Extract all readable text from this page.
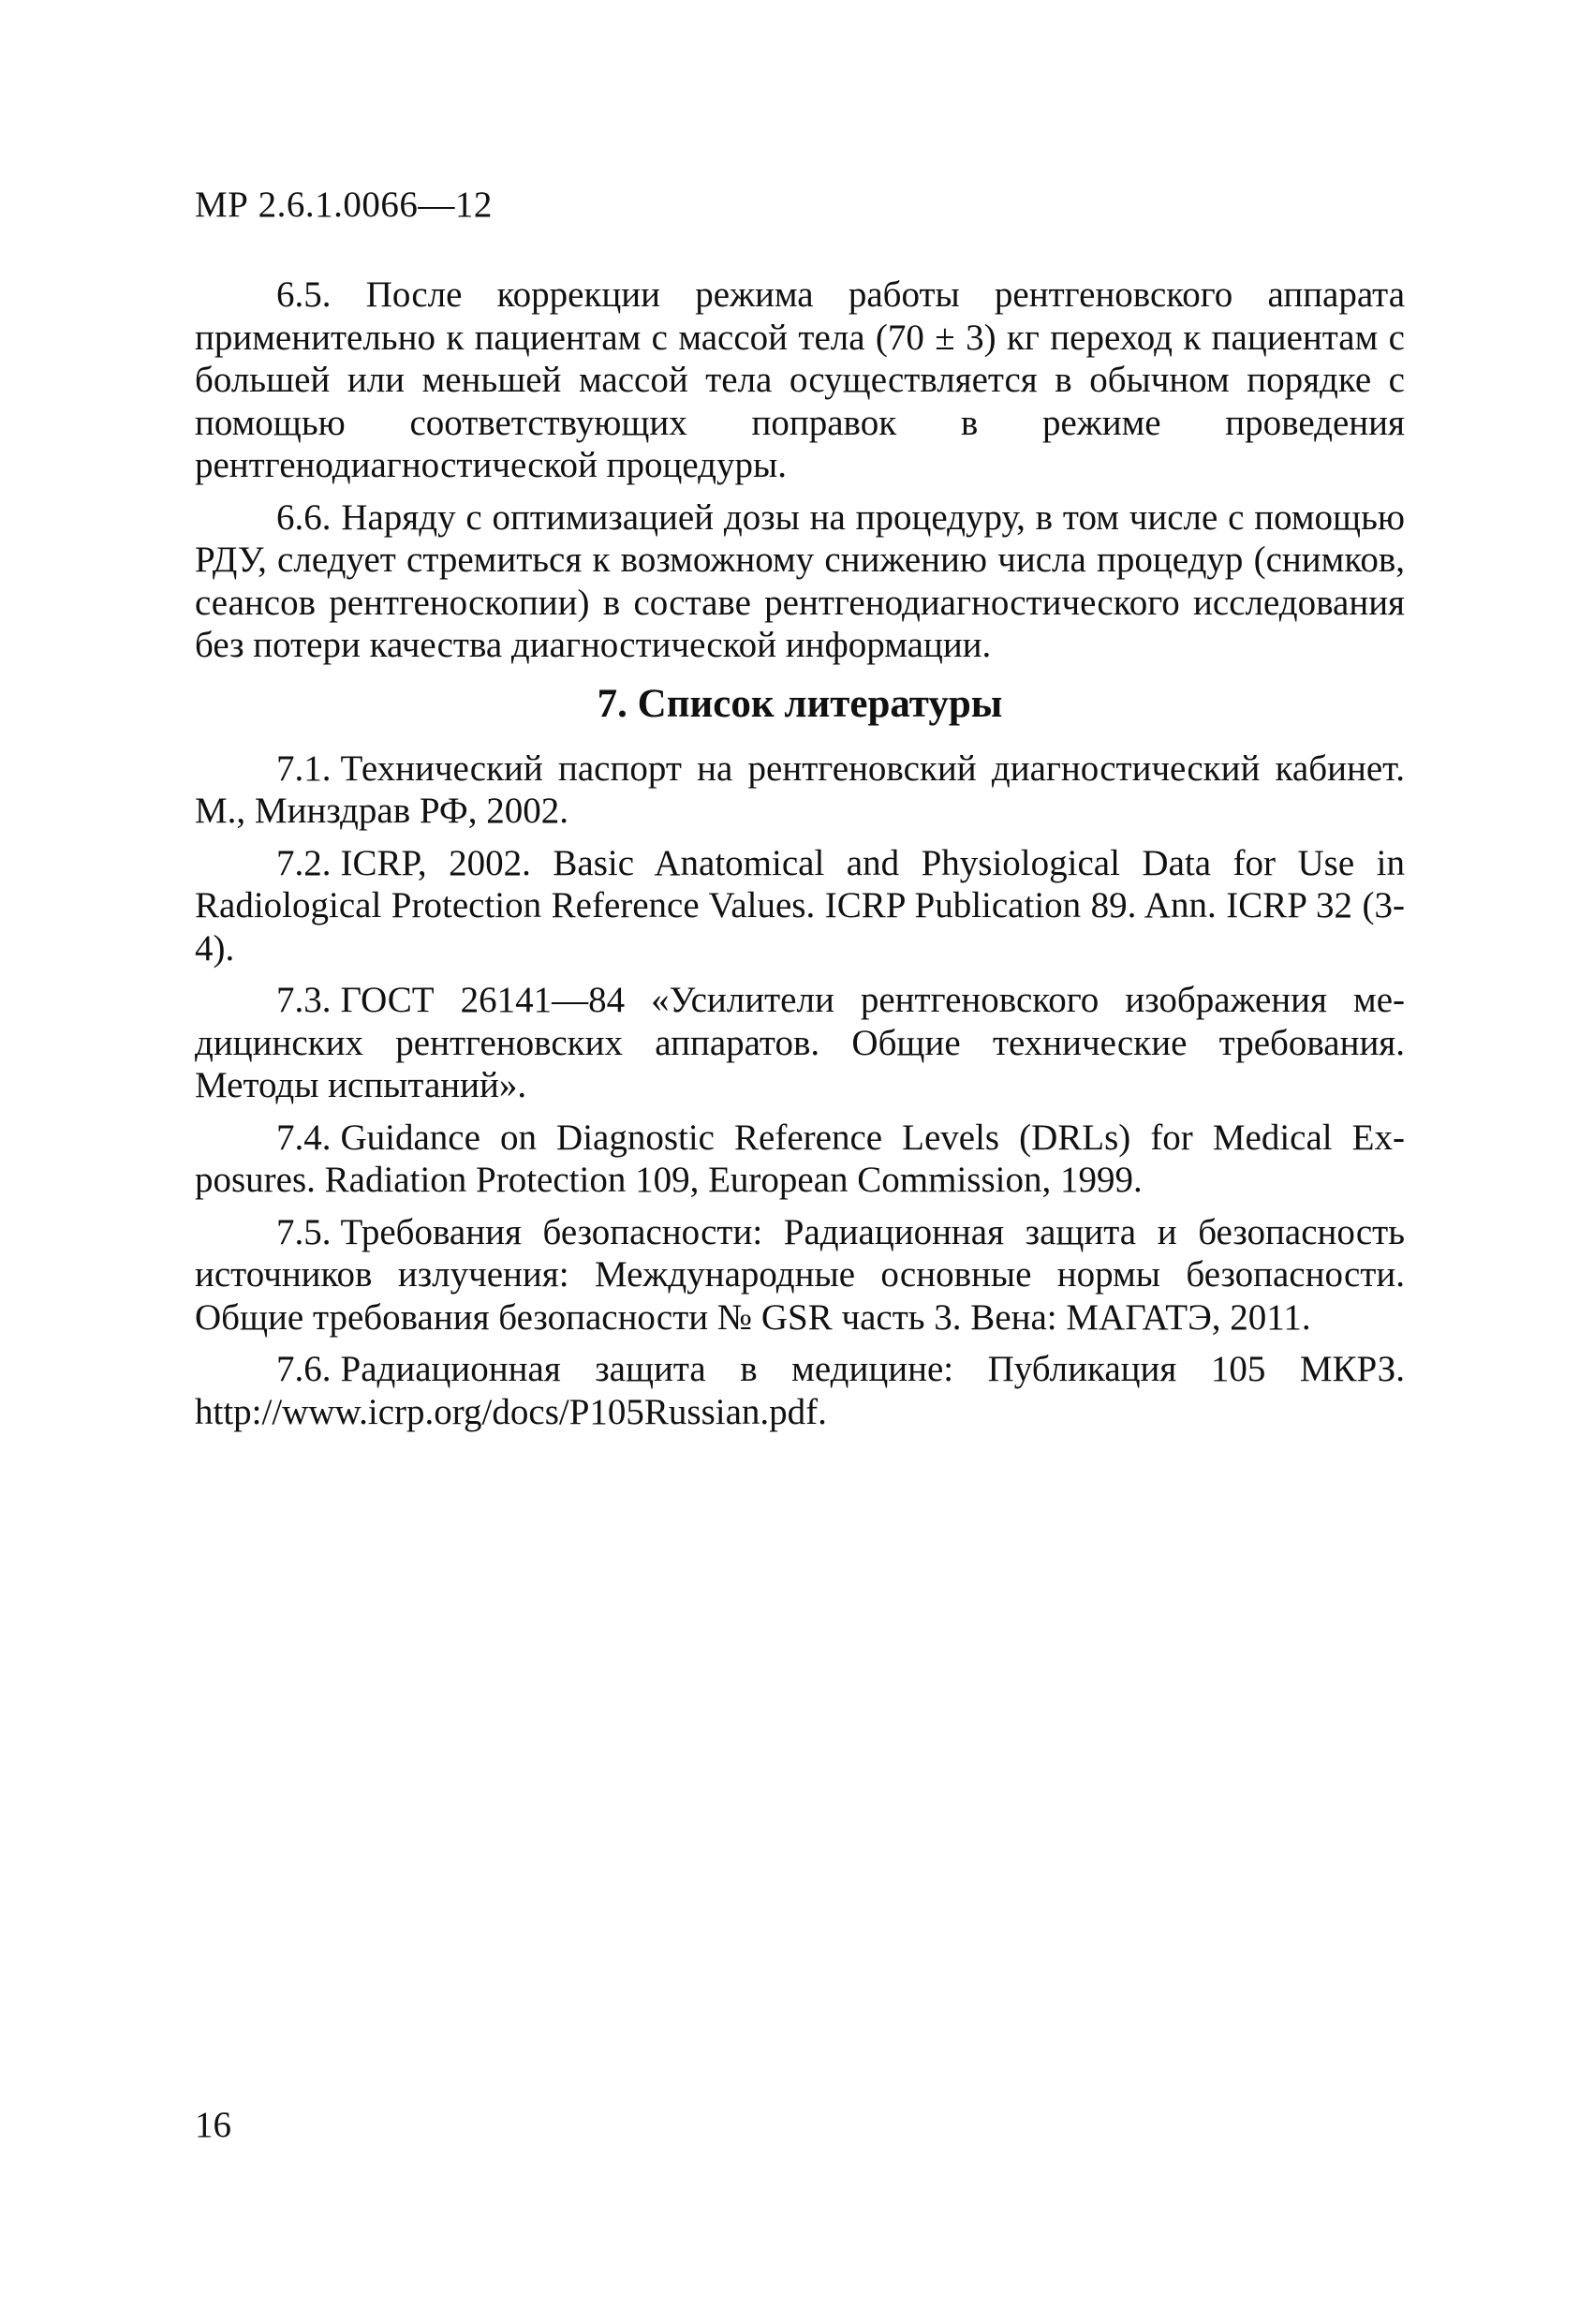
МР 2.6.1.0066—12

6.5. После коррекции режима работы рентгеновского аппарата применительно к пациентам с массой тела (70 ± 3) кг переход к пациентам с большей или меньшей массой тела осуществляется в обычном порядке с помощью соответствующих поправок в режиме проведения рентгенодиагностической процедуры.

6.6. Наряду с оптимизацией дозы на процедуру, в том числе с помощью РДУ, следует стремиться к возможному снижению числа процедур (снимков, сеансов рентгеноскопии) в составе рентгенодиагностического исследования без потери качества диагностической информации.

7. Список литературы
7.1. Технический паспорт на рентгеновский диагностический кабинет. М., Минздрав РФ, 2002.
7.2. ICRP, 2002. Basic Anatomical and Physiological Data for Use in Radiological Protection Reference Values. ICRP Publication 89. Ann. ICRP 32 (3-4).
7.3. ГОСТ 26141—84 «Усилители рентгеновского изображения медицинских рентгеновских аппаратов. Общие технические требования. Методы испытаний».
7.4. Guidance on Diagnostic Reference Levels (DRLs) for Medical Exposures. Radiation Protection 109, European Commission, 1999.
7.5. Требования безопасности: Радиационная защита и безопасность источников излучения: Международные основные нормы безопасности. Общие требования безопасности № GSR часть 3. Вена: МАГАТЭ, 2011.
7.6. Радиационная защита в медицине: Публикация 105 МКРЗ. http://www.icrp.org/docs/P105Russian.pdf.
16
